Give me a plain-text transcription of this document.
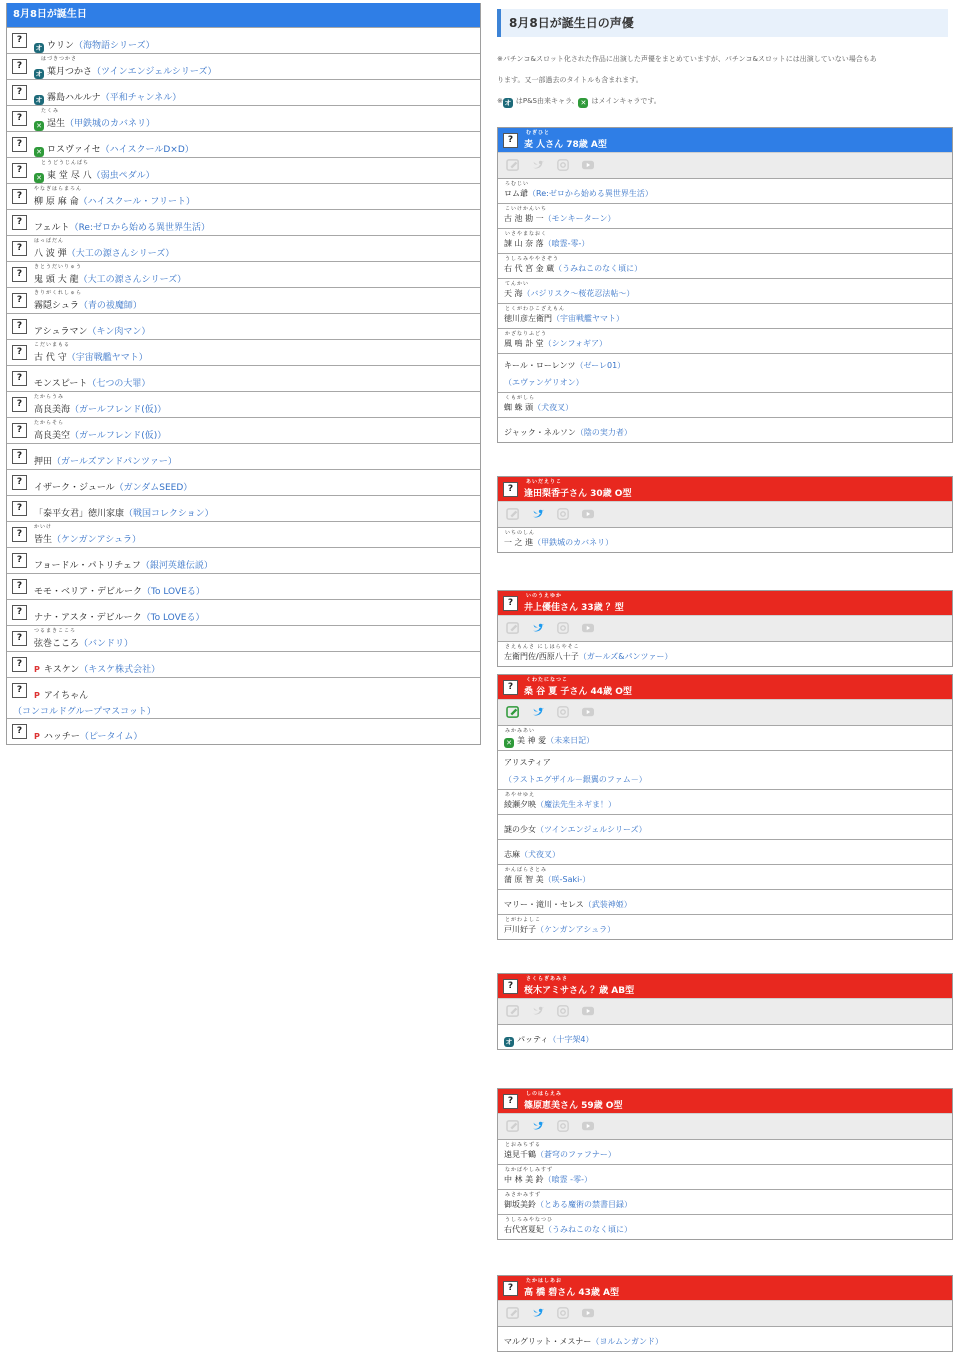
8月8日が誕生日
?
オ ウリン（海物語シリーズ）
?
はづきつかさ
オ 葉月つかさ（ツインエンジェルシリーズ）
?
オ 霧島ハルルナ（平和チャンネル）
?
たくみ
✕ 逞生（甲鉄城のカバネリ）
?
✕ ロスヴァイセ（ハイスクールD×D）
?
とうどうじんぱち
✕ 東 堂 尽 八（弱虫ペダル）
?
やなぎはらまろん
柳 原 麻 侖（ハイスクール・フリート）
?
フェルト（Re:ゼロから始める異世界生活）
?
はっぱだん
八 波 弾（大工の源さんシリーズ）
?
きとうだいりゅう
鬼 頭 大 龍（大工の源さんシリーズ）
?
きりがくれしゅら
霧隠シュラ（青の祓魔師）
?
アシュラマン（キン肉マン）
?
こだいまもる
古 代 守（宇宙戦艦ヤマト）
?
モンスピート（七つの大罪）
?
たからうみ
高良美海（ガールフレンド(仮)）
?
たからそら
高良美空（ガールフレンド(仮)）
?
押田（ガールズアンドパンツァー）
?
イザーク・ジュール（ガンダムSEED）
?
「泰平女君」徳川家康（戦国コレクション）
?
かいけ
皆生（ケンガンアシュラ）
?
フョードル・パトリチェフ（銀河英雄伝説）
?
モモ・ベリア・デビルーク（To LOVEる）
?
ナナ・アスタ・デビルーク（To LOVEる）
?
つるまきこころ
弦巻こころ（バンドリ）
?
P キスケン（キスケ株式会社）
?
P アイちゃん
（コンコルドグループマスコット）
?
P ハッチー（ピータイム）
8月8日が誕生日の声優
※パチンコ&スロット化された作品に出演した声優をまとめていますが、パチンコ&スロットには出演していない場合もあ
ります。又一部過去のタイトルも含まれます。
※ オ はP&S由来キャラ、 ✕ はメインキャラです。
?
むぎひと
麦 人さん 78歳 A型
ろむじい
ロム爺（Re:ゼロから始める異世界生活）
こいけかんいち
古 池 勘 一（モンキーターン）
いさやまなおく
諌 山 奈 落（喰霊-零-）
うしろみややさぞう
右 代 宮 金 蔵（うみねこのなく頃に）
てんかい
天 海（バジリスク～桜花忍法帖～）
とくがわひこざえもん
徳川彦左衛門（宇宙戦艦ヤマト）
かざなりふどう
風 鳴 訃 堂（シンフォギア）
キール・ローレンツ（ゼーレ01）
（エヴァンゲリオン）
くもがしら
蜘 蛛 頭（犬夜叉）
ジャック・ネルソン（陰の実力者）
?
あいだえりこ
逢田梨香子さん 30歳 O型
いちのしん
一 之 進（甲鉄城のカバネリ）
?
いのうえゆか
井上優佳さん 33歳 ？型
さえもんさ にしはらやそこ
左衛門佐/西原八十子（ガールズ&パンツァー）
?
くわたになつこ
桑 谷 夏 子さん 44歳 O型
みかみあい
✕ 美 神 愛（未来日記）
アリスティア
（ラストエグザイル－銀翼のファム－）
あやせゆえ
綾瀬夕映（魔法先生ネギま！）
謎の少女（ツインエンジェルシリーズ）
志麻（犬夜叉）
かんばらさとみ
蒲 原 智 美（咲-Saki-）
マリー・滝川・セレス（武装神姫）
とがわよしこ
戸川好子（ケンガンアシュラ）
?
さくらぎあみさ
桜木アミサさん ？歳 AB型
オ パッティ（十字架4）
?
しのはらえみ
篠原恵美さん 59歳 O型
とおみちずる
遠見千鶴（蒼穹のファフナー）
なかばやしみすず
中 林 美 鈴（喰霊 -零-）
みさかみすず
御坂美鈴（とある魔術の禁書目録）
うしろみやなつひ
右代宮夏妃（うみねこのなく頃に）
?
たかはしあお
高 橋 碧さん 43歳 A型
マルグリット・メスナー（ヨルムンガンド）
